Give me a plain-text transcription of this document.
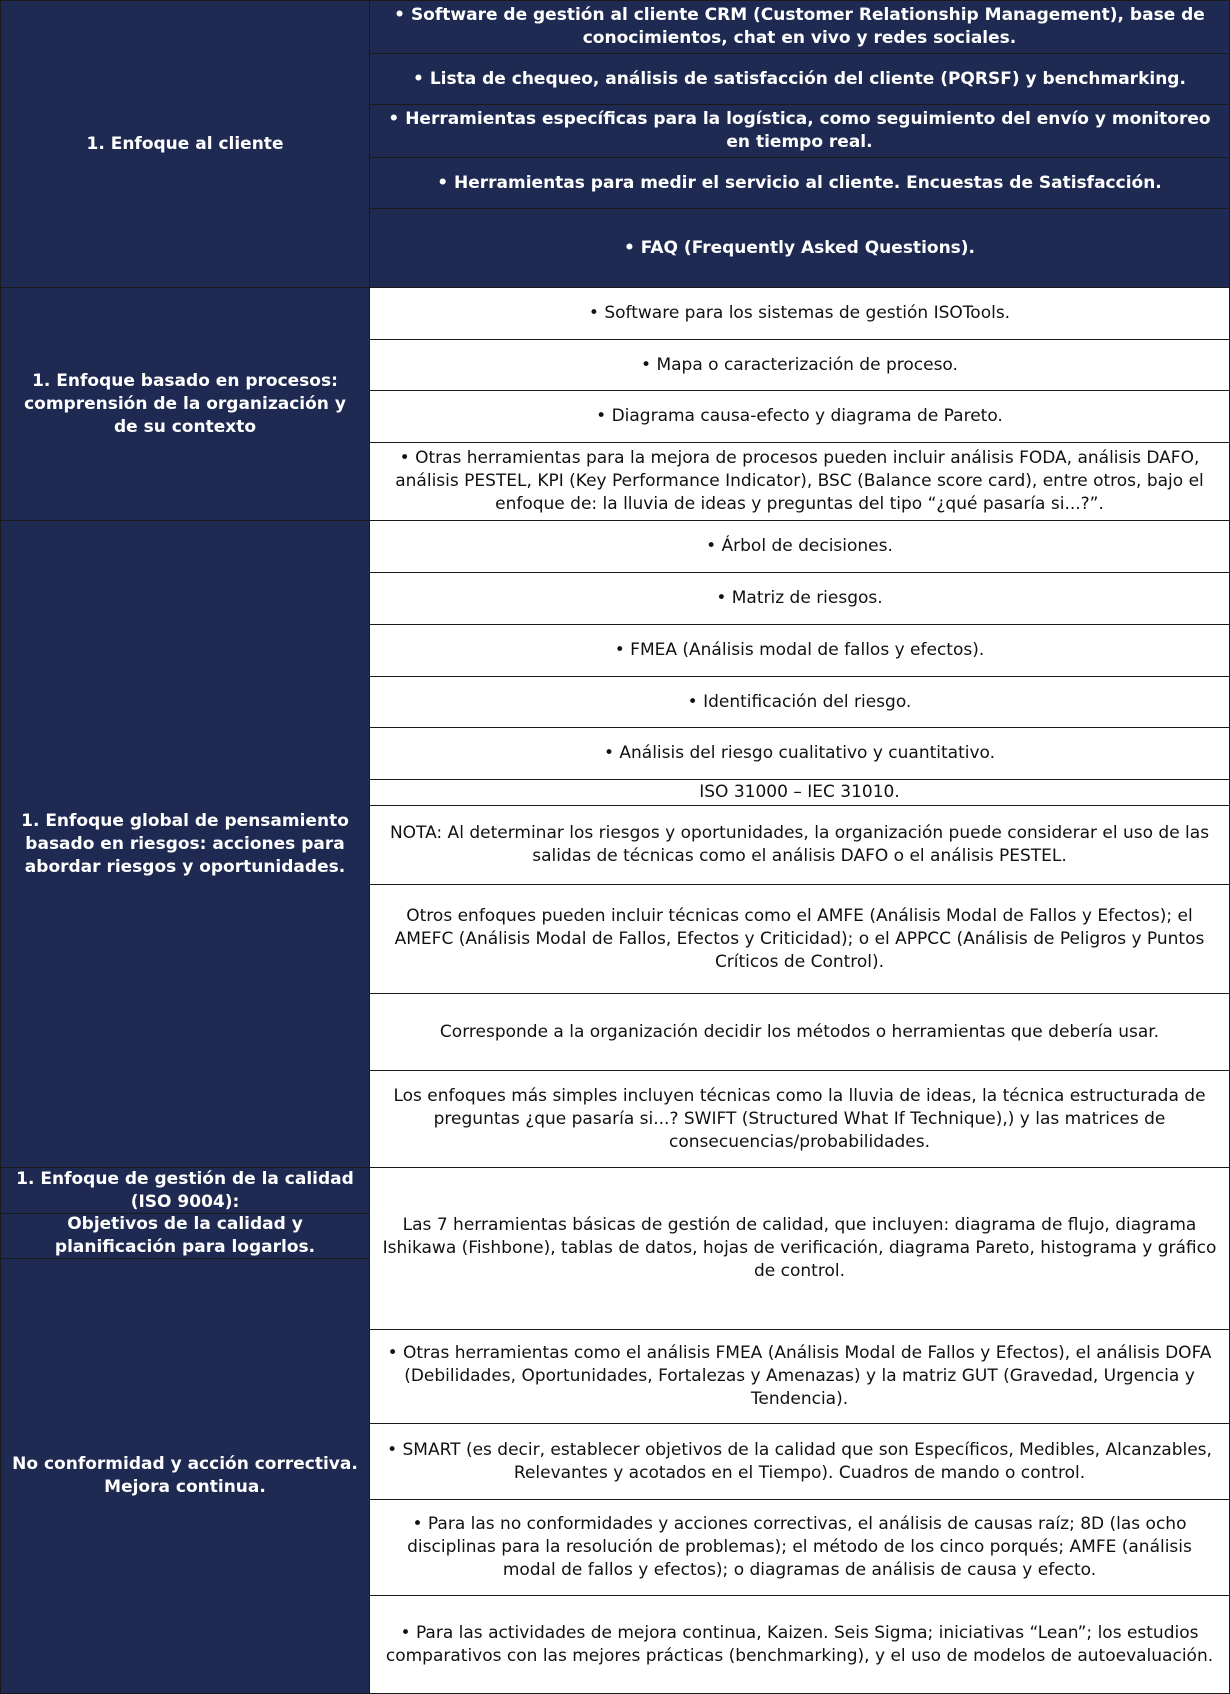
1. Enfoque al cliente
• Software de gestión al cliente CRM (Customer Relationship Management), base de conocimientos, chat en vivo y redes sociales.
• Lista de chequeo, análisis de satisfacción del cliente (PQRSF) y benchmarking.
• Herramientas específicas para la logística, como seguimiento del envío y monitoreo en tiempo real.
• Herramientas para medir el servicio al cliente. Encuestas de Satisfacción.
• FAQ (Frequently Asked Questions).
1. Enfoque basado en procesos: comprensión de la organización y de su contexto
• Software para los sistemas de gestión ISOTools.
• Mapa o caracterización de proceso.
• Diagrama causa-efecto y diagrama de Pareto.
• Otras herramientas para la mejora de procesos pueden incluir análisis FODA, análisis DAFO, análisis PESTEL, KPI (Key Performance Indicator), BSC (Balance score card), entre otros, bajo el enfoque de: la lluvia de ideas y preguntas del tipo “¿qué pasaría si...?”.
1. Enfoque global de pensamiento basado en riesgos: acciones para abordar riesgos y oportunidades.
• Árbol de decisiones.
• Matriz de riesgos.
• FMEA (Análisis modal de fallos y efectos).
• Identificación del riesgo.
• Análisis del riesgo cualitativo y cuantitativo.
ISO 31000 – IEC 31010.
NOTA: Al determinar los riesgos y oportunidades, la organización puede considerar el uso de las salidas de técnicas como el análisis DAFO o el análisis PESTEL.
Otros enfoques pueden incluir técnicas como el AMFE (Análisis Modal de Fallos y Efectos); el AMEFC (Análisis Modal de Fallos, Efectos y Criticidad); o el APPCC (Análisis de Peligros y Puntos Críticos de Control).
Corresponde a la organización decidir los métodos o herramientas que debería usar.
Los enfoques más simples incluyen técnicas como la lluvia de ideas, la técnica estructurada de preguntas ¿que pasaría si...? SWIFT (Structured What If Technique),) y las matrices de consecuencias/probabilidades.
1. Enfoque de gestión de la calidad (ISO 9004):
Objetivos de la calidad y planificación para logarlos.
No conformidad y acción correctiva. Mejora continua.
Las 7 herramientas básicas de gestión de calidad, que incluyen: diagrama de flujo, diagrama Ishikawa (Fishbone), tablas de datos, hojas de verificación, diagrama Pareto, histograma y gráfico de control.
• Otras herramientas como el análisis FMEA (Análisis Modal de Fallos y Efectos), el análisis DOFA (Debilidades, Oportunidades, Fortalezas y Amenazas) y la matriz GUT (Gravedad, Urgencia y Tendencia).
• SMART (es decir, establecer objetivos de la calidad que son Específicos, Medibles, Alcanzables, Relevantes y acotados en el Tiempo). Cuadros de mando o control.
• Para las no conformidades y acciones correctivas, el análisis de causas raíz; 8D (las ocho disciplinas para la resolución de problemas); el método de los cinco porqués; AMFE (análisis modal de fallos y efectos); o diagramas de análisis de causa y efecto.
• Para las actividades de mejora continua, Kaizen. Seis Sigma; iniciativas “Lean”; los estudios comparativos con las mejores prácticas (benchmarking), y el uso de modelos de autoevaluación.
